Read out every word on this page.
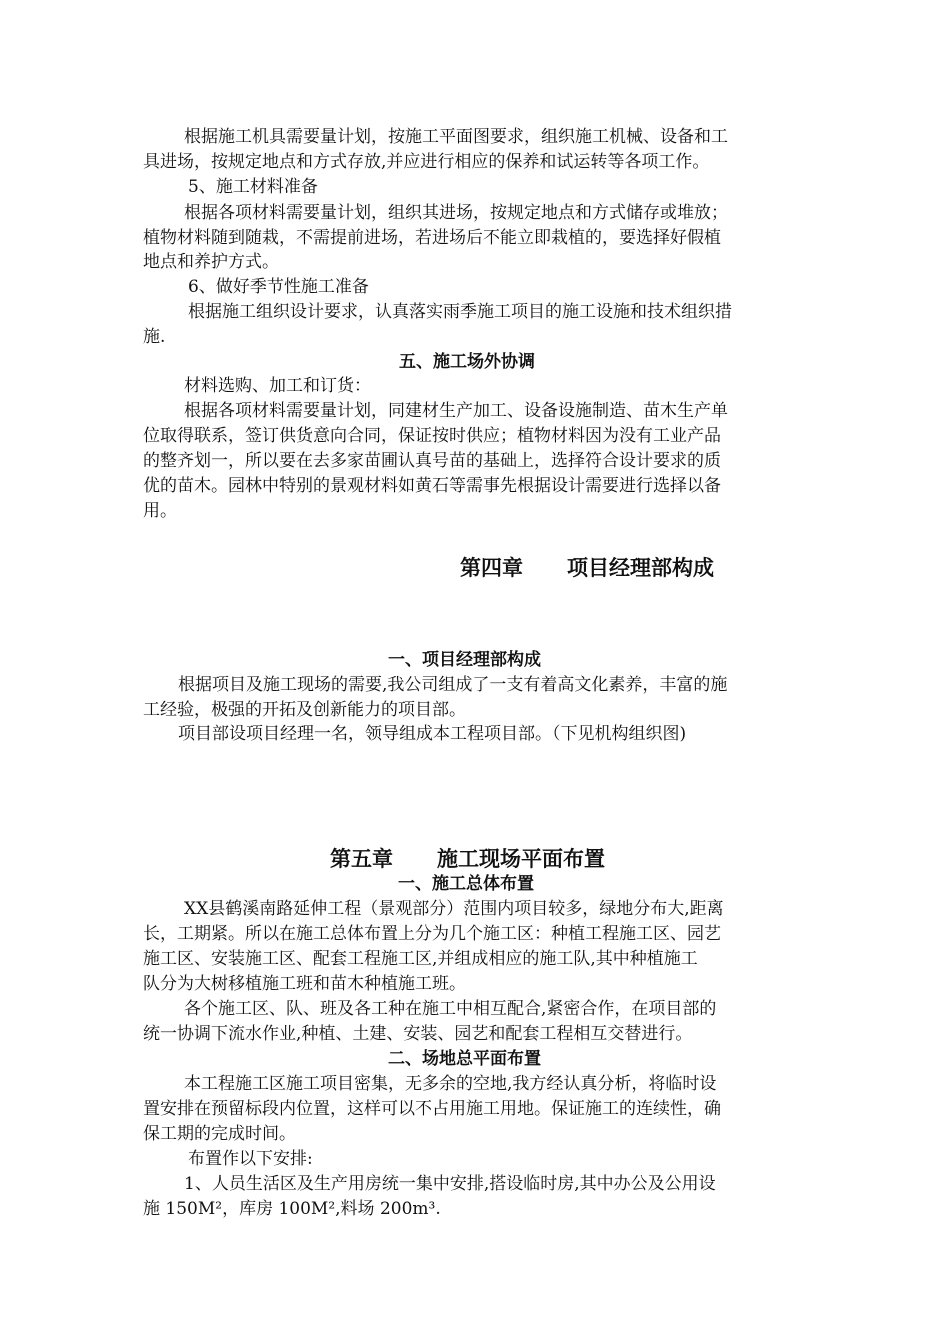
根据施工机具需要量计划，按施工平面图要求，组织施工机械、设备和工
具进场，按规定地点和方式存放,并应进行相应的保养和试运转等各项工作。
5、施工材料准备
根据各项材料需要量计划，组织其进场，按规定地点和方式储存或堆放；
植物材料随到随栽，不需提前进场，若进场后不能立即栽植的，要选择好假植
地点和养护方式。
6、做好季节性施工准备
根据施工组织设计要求，认真落实雨季施工项目的施工设施和技术组织措
施.
五、施工场外协调
材料选购、加工和订货：
根据各项材料需要量计划，同建材生产加工、设备设施制造、苗木生产单
位取得联系，签订供货意向合同，保证按时供应；植物材料因为没有工业产品
的整齐划一，所以要在去多家苗圃认真号苗的基础上，选择符合设计要求的质
优的苗木。园林中特别的景观材料如黄石等需事先根据设计需要进行选择以备
用。
第四章 项目经理部构成
一、项目经理部构成
根据项目及施工现场的需要,我公司组成了一支有着高文化素养，丰富的施
工经验，极强的开拓及创新能力的项目部。
项目部设项目经理一名，领导组成本工程项目部。（下见机构组织图)
第五章 施工现场平面布置
一、施工总体布置
XX县鹤溪南路延伸工程（景观部分）范围内项目较多，绿地分布大,距离
长，工期紧。所以在施工总体布置上分为几个施工区：种植工程施工区、园艺
施工区、安装施工区、配套工程施工区,并组成相应的施工队,其中种植施工
队分为大树移植施工班和苗木种植施工班。
各个施工区、队、班及各工种在施工中相互配合,紧密合作，在项目部的
统一协调下流水作业,种植、土建、安装、园艺和配套工程相互交替进行。
二、场地总平面布置
本工程施工区施工项目密集，无多余的空地,我方经认真分析，将临时设
置安排在预留标段内位置，这样可以不占用施工用地。保证施工的连续性，确
保工期的完成时间。
布置作以下安排:
1、人员生活区及生产用房统一集中安排,搭设临时房,其中办公及公用设
施 150M²，库房 100M²,料场 200m³.
